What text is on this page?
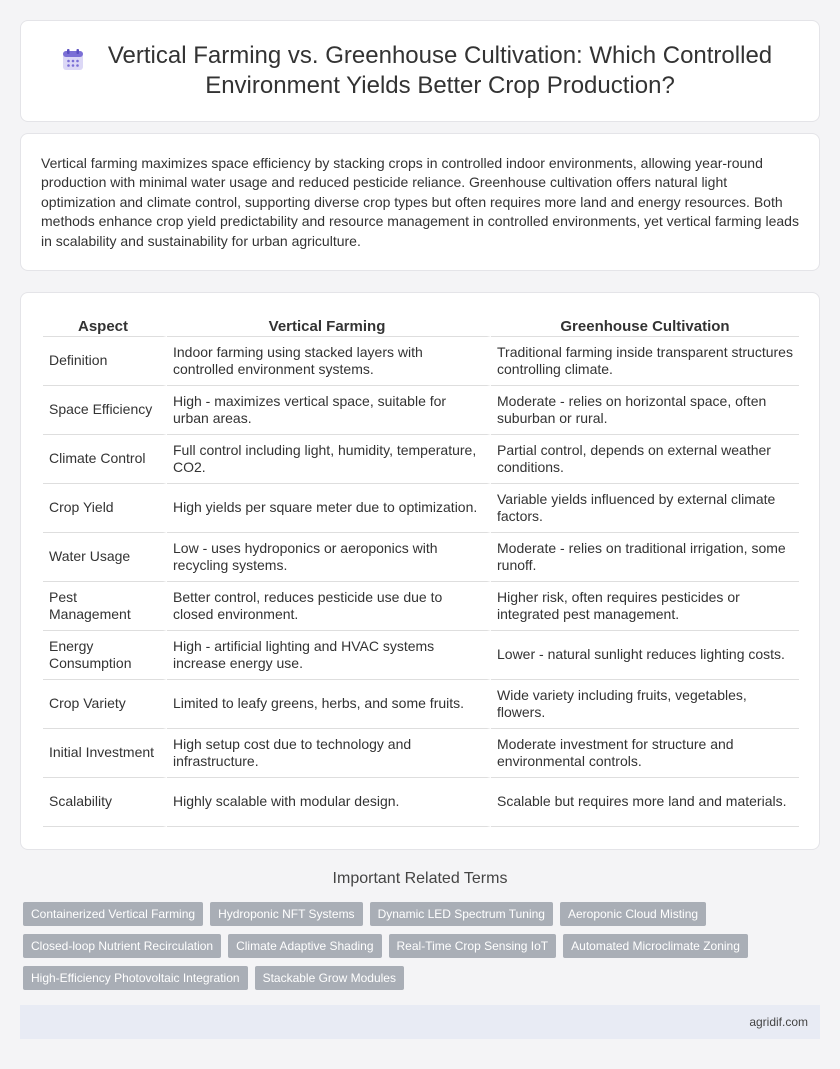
Vertical Farming vs. Greenhouse Cultivation: Which Controlled Environment Yields Better Crop Production?

Vertical farming maximizes space efficiency by stacking crops in controlled indoor environments, allowing year-round production with minimal water usage and reduced pesticide reliance. Greenhouse cultivation offers natural light optimization and climate control, supporting diverse crop types but often requires more land and energy resources. Both methods enhance crop yield predictability and resource management in controlled environments, yet vertical farming leads in scalability and sustainability for urban agriculture.

Aspect	Vertical Farming	Greenhouse Cultivation
Definition	Indoor farming using stacked layers with controlled environment systems.	Traditional farming inside transparent structures controlling climate.
Space Efficiency	High - maximizes vertical space, suitable for urban areas.	Moderate - relies on horizontal space, often suburban or rural.
Climate Control	Full control including light, humidity, temperature, CO2.	Partial control, depends on external weather conditions.
Crop Yield	High yields per square meter due to optimization.	Variable yields influenced by external climate factors.
Water Usage	Low - uses hydroponics or aeroponics with recycling systems.	Moderate - relies on traditional irrigation, some runoff.
Pest Management	Better control, reduces pesticide use due to closed environment.	Higher risk, often requires pesticides or integrated pest management.
Energy Consumption	High - artificial lighting and HVAC systems increase energy use.	Lower - natural sunlight reduces lighting costs.
Crop Variety	Limited to leafy greens, herbs, and some fruits.	Wide variety including fruits, vegetables, flowers.
Initial Investment	High setup cost due to technology and infrastructure.	Moderate investment for structure and environmental controls.
Scalability	Highly scalable with modular design.	Scalable but requires more land and materials.
Important Related Terms
Containerized Vertical Farming	Hydroponic NFT Systems	Dynamic LED Spectrum Tuning	Aeroponic Cloud Misting
Closed-loop Nutrient Recirculation	Climate Adaptive Shading	Real-Time Crop Sensing IoT	Automated Microclimate Zoning
High-Efficiency Photovoltaic Integration	Stackable Grow Modules
agridif.com
